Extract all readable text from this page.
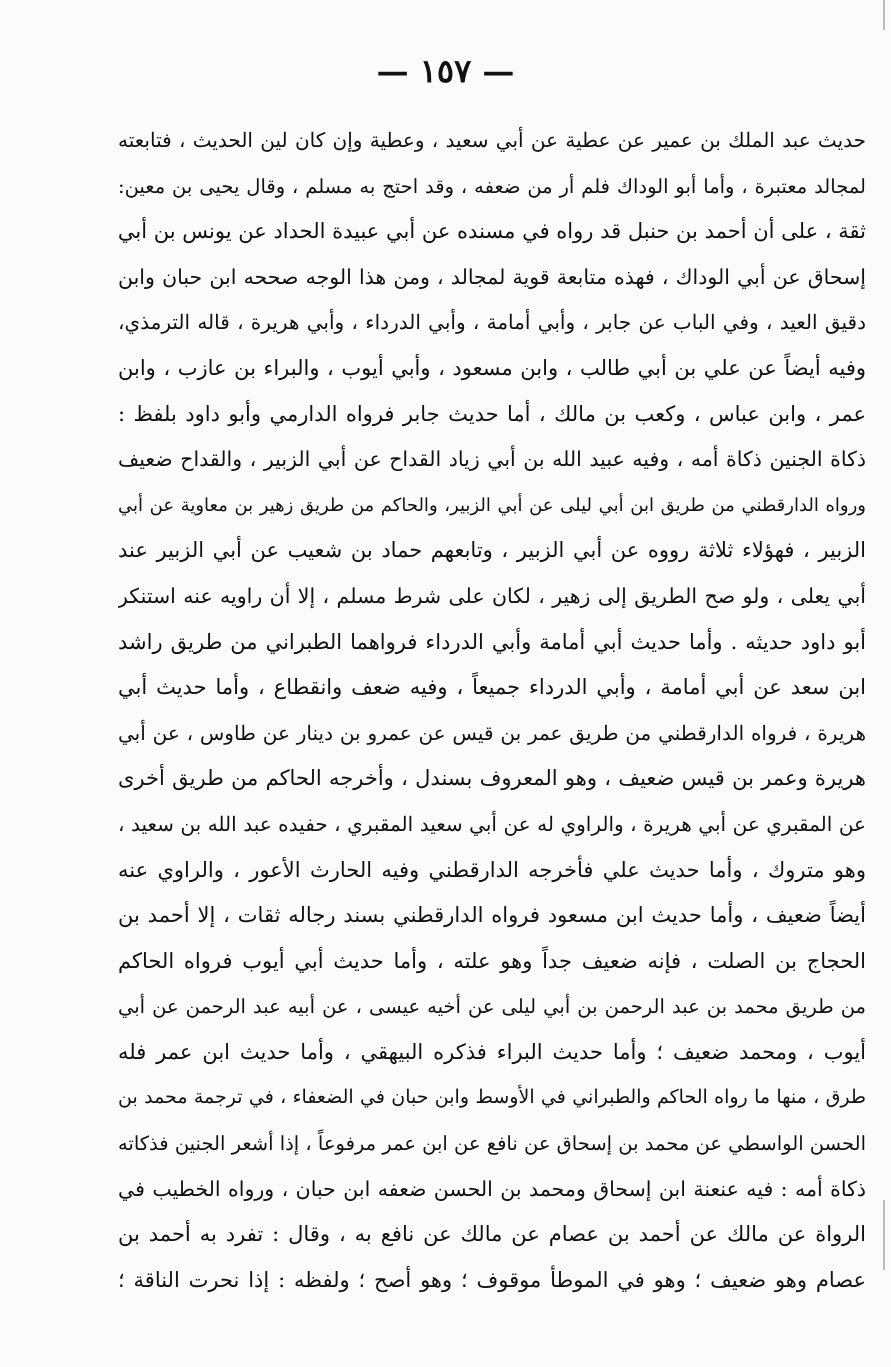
— ١٥٧ —
حديث عبد الملك بن عمير عن عطية عن أبي سعيد ، وعطية وإن كان لين الحديث ، فتابعته
لمجالد معتبرة ، وأما أبو الوداك فلم أر من ضعفه ، وقد احتج به مسلم ، وقال يحيى بن معين:
ثقة ، على أن أحمد بن حنبل قد رواه في مسنده عن أبي عبيدة الحداد عن يونس بن أبي
إسحاق عن أبي الوداك ، فهذه متابعة قوية لمجالد ، ومن هذا الوجه صححه ابن حبان وابن
دقيق العيد ، وفي الباب عن جابر ، وأبي أمامة ، وأبي الدرداء ، وأبي هريرة ، قاله الترمذي،
وفيه أيضاً عن علي بن أبي طالب ، وابن مسعود ، وأبي أيوب ، والبراء بن عازب ، وابن
عمر ، وابن عباس ، وكعب بن مالك ، أما حديث جابر فرواه الدارمي وأبو داود بلفظ :
ذكاة الجنين ذكاة أمه ، وفيه عبيد الله بن أبي زياد القداح عن أبي الزبير ، والقداح ضعيف
ورواه الدارقطني من طريق ابن أبي ليلى عن أبي الزبير، والحاكم من طريق زهير بن معاوية عن أبي
الزبير ، فهؤلاء ثلاثة رووه عن أبي الزبير ، وتابعهم حماد بن شعيب عن أبي الزبير عند
أبي يعلى ، ولو صح الطريق إلى زهير ، لكان على شرط مسلم ، إلا أن راويه عنه استنكر
أبو داود حديثه . وأما حديث أبي أمامة وأبي الدرداء فرواهما الطبراني من طريق راشد
ابن سعد عن أبي أمامة ، وأبي الدرداء جميعاً ، وفيه ضعف وانقطاع ، وأما حديث أبي
هريرة ، فرواه الدارقطني من طريق عمر بن قيس عن عمرو بن دينار عن طاوس ، عن أبي
هريرة وعمر بن قيس ضعيف ، وهو المعروف بسندل ، وأخرجه الحاكم من طريق أخرى
عن المقبري عن أبي هريرة ، والراوي له عن أبي سعيد المقبري ، حفيده عبد الله بن سعيد ،
وهو متروك ، وأما حديث علي فأخرجه الدارقطني وفيه الحارث الأعور ، والراوي عنه
أيضاً ضعيف ، وأما حديث ابن مسعود فرواه الدارقطني بسند رجاله ثقات ، إلا أحمد بن
الحجاج بن الصلت ، فإنه ضعيف جداً وهو علته ، وأما حديث أبي أيوب فرواه الحاكم
من طريق محمد بن عبد الرحمن بن أبي ليلى عن أخيه عيسى ، عن أبيه عبد الرحمن عن أبي
أيوب ، ومحمد ضعيف ؛ وأما حديث البراء فذكره البيهقي ، وأما حديث ابن عمر فله
طرق ، منها ما رواه الحاكم والطبراني في الأوسط وابن حبان في الضعفاء ، في ترجمة محمد بن
الحسن الواسطي عن محمد بن إسحاق عن نافع عن ابن عمر مرفوعاً ، إذا أشعر الجنين فذكاته
ذكاة أمه : فيه عنعنة ابن إسحاق ومحمد بن الحسن ضعفه ابن حبان ، ورواه الخطيب في
الرواة عن مالك عن أحمد بن عصام عن مالك عن نافع به ، وقال : تفرد به أحمد بن
عصام وهو ضعيف ؛ وهو في الموطأ موقوف ؛ وهو أصح ؛ ولفظه : إذا نحرت الناقة ؛
